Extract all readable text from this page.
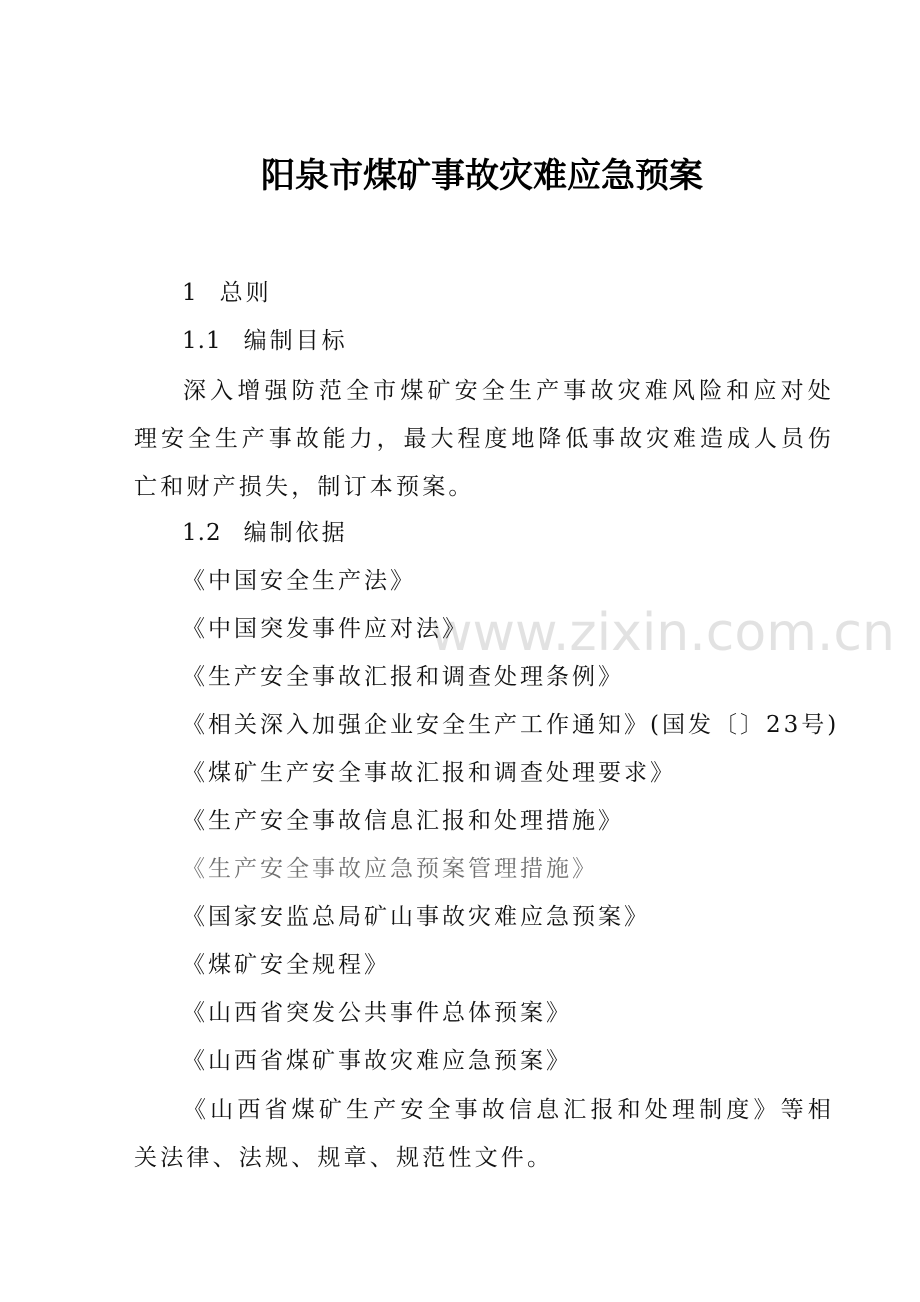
www.zixin.com.cn
阳泉市煤矿事故灾难应急预案
1 总则
1.1 编制目标
深入增强防范全市煤矿安全生产事故灾难风险和应对处理安全生产事故能力，最大程度地降低事故灾难造成人员伤亡和财产损失，制订本预案。
1.2 编制依据
《中国安全生产法》
《中国突发事件应对法》
《生产安全事故汇报和调查处理条例》
《相关深入加强企业安全生产工作通知》(国发〔〕23号)
《煤矿生产安全事故汇报和调查处理要求》
《生产安全事故信息汇报和处理措施》
《生产安全事故应急预案管理措施》
《国家安监总局矿山事故灾难应急预案》
《煤矿安全规程》
《山西省突发公共事件总体预案》
《山西省煤矿事故灾难应急预案》
《山西省煤矿生产安全事故信息汇报和处理制度》等相关法律、法规、规章、规范性文件。
